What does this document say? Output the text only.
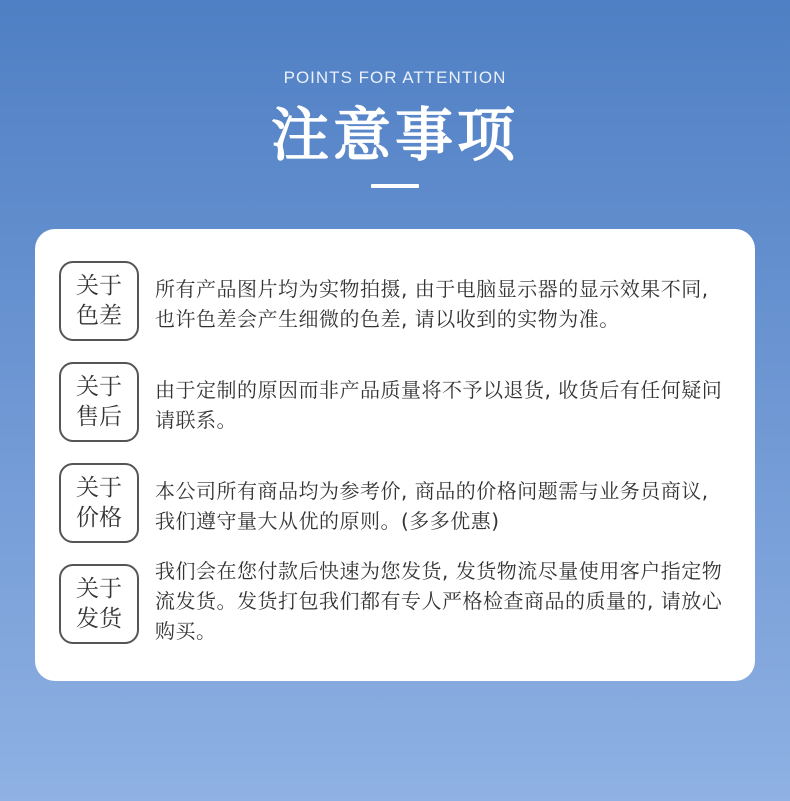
POINTS FOR ATTENTION
注意事项
关于
色差
所有产品图片均为实物拍摄, 由于电脑显示器的显示效果不同, 也许色差会产生细微的色差, 请以收到的实物为准。
关于
售后
由于定制的原因而非产品质量将不予以退货, 收货后有任何疑问请联系。
关于
价格
本公司所有商品均为参考价, 商品的价格问题需与业务员商议, 我们遵守量大从优的原则。(多多优惠)
关于
发货
我们会在您付款后快速为您发货, 发货物流尽量使用客户指定物流发货。发货打包我们都有专人严格检查商品的质量的, 请放心购买。
